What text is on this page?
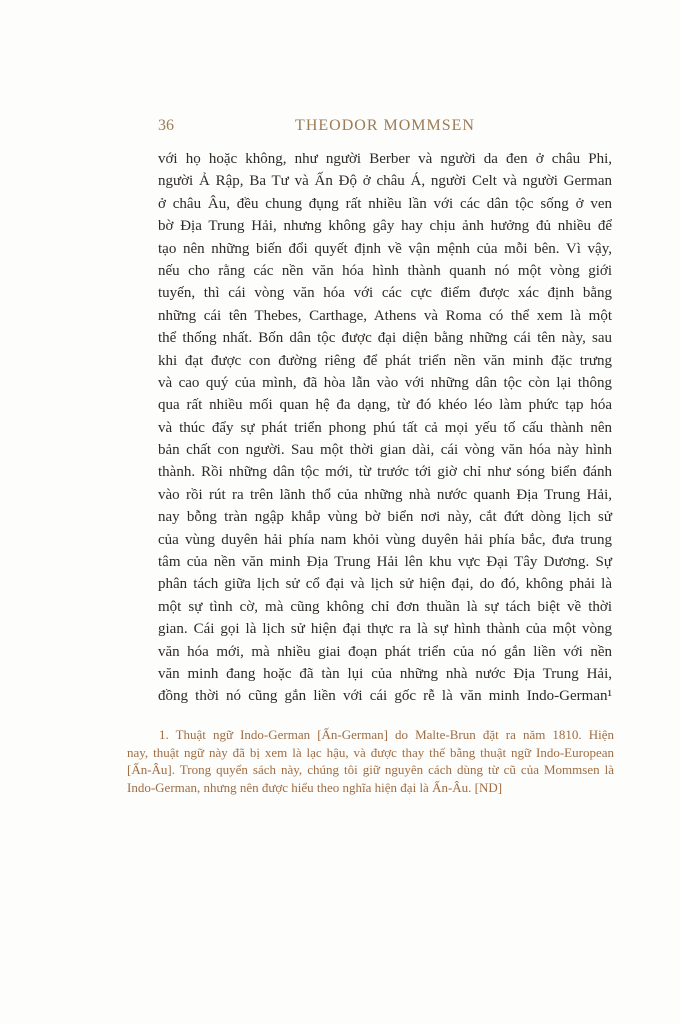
36	THEODOR MOMMSEN
với họ hoặc không, như người Berber và người da đen ở châu Phi,
người Ả Rập, Ba Tư và Ấn Độ ở châu Á, người Celt và người German
ở châu Âu, đều chung đụng rất nhiều lần với các dân tộc sống ở ven
bờ Địa Trung Hải, nhưng không gây hay chịu ảnh hưởng đủ nhiều để
tạo nên những biến đổi quyết định về vận mệnh của mỗi bên. Vì vậy,
nếu cho rằng các nền văn hóa hình thành quanh nó một vòng giới
tuyến, thì cái vòng văn hóa với các cực điểm được xác định bằng
những cái tên Thebes, Carthage, Athens và Roma có thể xem là một
thể thống nhất. Bốn dân tộc được đại diện bằng những cái tên này, sau
khi đạt được con đường riêng để phát triển nền văn minh đặc trưng
và cao quý của mình, đã hòa lẫn vào với những dân tộc còn lại thông
qua rất nhiều mối quan hệ đa dạng, từ đó khéo léo làm phức tạp hóa
và thúc đẩy sự phát triển phong phú tất cả mọi yếu tố cấu thành nên
bản chất con người. Sau một thời gian dài, cái vòng văn hóa này hình
thành. Rồi những dân tộc mới, từ trước tới giờ chỉ như sóng biển đánh
vào rồi rút ra trên lãnh thổ của những nhà nước quanh Địa Trung Hải,
nay bỗng tràn ngập khắp vùng bờ biển nơi này, cắt đứt dòng lịch sử
của vùng duyên hải phía nam khỏi vùng duyên hải phía bắc, đưa trung
tâm của nền văn minh Địa Trung Hải lên khu vực Đại Tây Dương. Sự
phân tách giữa lịch sử cổ đại và lịch sử hiện đại, do đó, không phải là
một sự tình cờ, mà cũng không chỉ đơn thuần là sự tách biệt về thời
gian. Cái gọi là lịch sử hiện đại thực ra là sự hình thành của một vòng
văn hóa mới, mà nhiều giai đoạn phát triển của nó gắn liền với nền
văn minh đang hoặc đã tàn lụi của những nhà nước Địa Trung Hải,
đồng thời nó cũng gắn liền với cái gốc rễ là văn minh Indo-German¹
1. Thuật ngữ Indo-German [Ấn-German] do Malte-Brun đặt ra năm 1810. Hiện
nay, thuật ngữ này đã bị xem là lạc hậu, và được thay thế bằng thuật ngữ Indo-European
[Ấn-Âu]. Trong quyển sách này, chúng tôi giữ nguyên cách dùng từ cũ của Mommsen là
Indo-German, nhưng nên được hiểu theo nghĩa hiện đại là Ấn-Âu. [ND]
